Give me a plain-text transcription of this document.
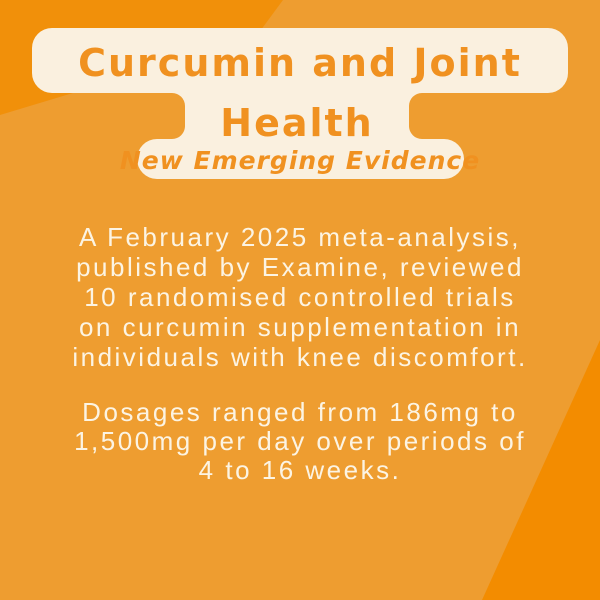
Curcumin and Joint
Health
New Emerging Evidence
A February 2025 meta-analysis,
published by Examine, reviewed
10 randomised controlled trials
on curcumin supplementation in
individuals with knee discomfort.
Dosages ranged from 186mg to
1,500mg per day over periods of
4 to 16 weeks.
